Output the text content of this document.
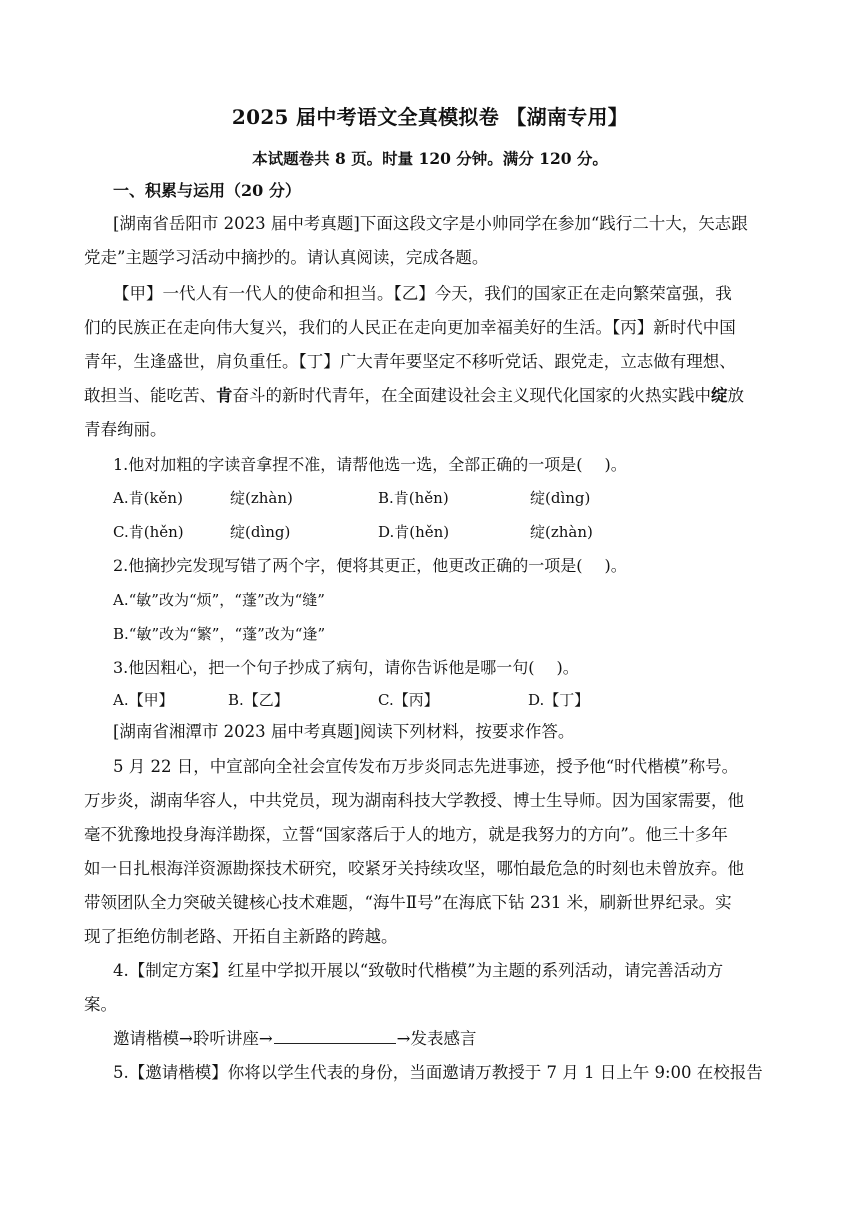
2025 届中考语文全真模拟卷 【湖南专用】
本试题卷共 8 页。时量 120 分钟。满分 120 分。
一、积累与运用（20 分）
[湖南省岳阳市 2023 届中考真题]下面这段文字是小帅同学在参加“践行二十大，矢志跟
党走”主题学习活动中摘抄的。请认真阅读，完成各题。
【甲】一代人有一代人的使命和担当。【乙】今天，我们的国家正在走向繁荣富强，我
们的民族正在走向伟大复兴，我们的人民正在走向更加幸福美好的生活。【丙】新时代中国
青年，生逢盛世，肩负重任。【丁】广大青年要坚定不移听党话、跟党走，立志做有理想、
敢担当、能吃苦、肯奋斗的新时代青年，在全面建设社会主义现代化国家的火热实践中绽放
青春绚丽。
1.他对加粗的字读音拿捏不准，请帮他选一选，全部正确的一项是( )。
A.肯(kěn)	绽(zhàn)	B.肯(hěn)	绽(dìng)
C.肯(hěn)	绽(dìng)	D.肯(hěn)	绽(zhàn)
2.他摘抄完发现写错了两个字，便将其更正，他更改正确的一项是( )。
A.“敏”改为“烦”，“蓬”改为“缝”
B.“敏”改为“繁”，“蓬”改为“逢”
3.他因粗心，把一个句子抄成了病句，请你告诉他是哪一句( )。
A.【甲】	B.【乙】	C.【丙】	D.【丁】
[湖南省湘潭市 2023 届中考真题]阅读下列材料，按要求作答。
5 月 22 日，中宣部向全社会宣传发布万步炎同志先进事迹，授予他“时代楷模”称号。
万步炎，湖南华容人，中共党员，现为湖南科技大学教授、博士生导师。因为国家需要，他
毫不犹豫地投身海洋勘探，立誓“国家落后于人的地方，就是我努力的方向”。他三十多年
如一日扎根海洋资源勘探技术研究，咬紧牙关持续攻坚，哪怕最危急的时刻也未曾放弃。他
带领团队全力突破关键核心技术难题，“海牛Ⅱ号”在海底下钻 231 米，刷新世界纪录。实
现了拒绝仿制老路、开拓自主新路的跨越。
4.【制定方案】红星中学拟开展以“致敬时代楷模”为主题的系列活动，请完善活动方
案。
邀请楷模→聆听讲座→	→发表感言
5.【邀请楷模】你将以学生代表的身份，当面邀请万教授于 7 月 1 日上午 9:00 在校报告
